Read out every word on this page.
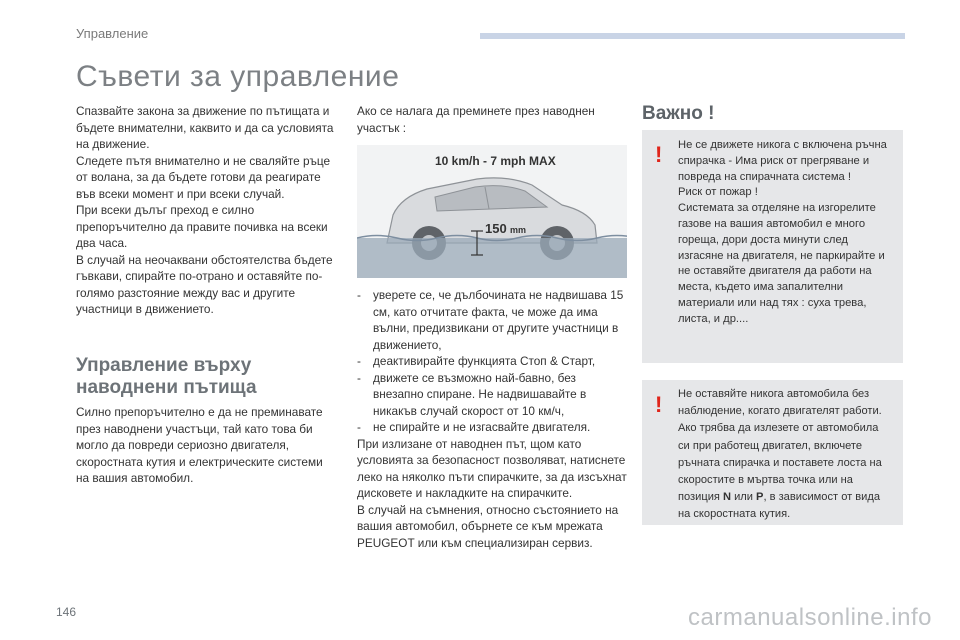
Управление
Съвети за управление

Спазвайте закона за движение по пътищата и бъдете внимателни, каквито и да са условията на движение.

Следете пътя внимателно и не сваляйте ръце от волана, за да бъдете готови да реагирате във всеки момент и при всеки случай.

При всеки дълъг преход е силно препоръчително да правите почивка на всеки два часа.

В случай на неочаквани обстоятелства бъдете гъвкави, спирайте по-отрано и оставяйте по-голямо разстояние между вас и другите участници в движението.

Управление върху
наводнени пътища

Силно препоръчително е да не преминавате през наводнени участъци, тай като това би могло да повреди сериозно двигателя, скоростната кутия и електрическите системи на вашия автомобил.

Ако се налага да преминете през наводнен участък :

150 mm
10 km/h - 7 mph MAX
- уверете се, че дълбочината не надвишава 15 см, като отчитате факта, че може да има вълни, предизвикани от другите участници в движението,
- деактивирайте функцията Стоп & Старт,
- движете се възможно най-бавно, без внезапно спиране. Не надвишавайте в никакъв случай скорост от 10 км/ч,
- не спирайте и не изгасвайте двигателя.

При излизане от наводнен път, щом като условията за безопасност позволяват, натиснете леко на няколко пъти спирачките, за да изсъхнат дисковете и накладките на спирачките.

В случай на съмнения, относно състоянието на вашия автомобил, обърнете се към мрежата PEUGEOT или към специализиран сервиз.

Важно !
! Не се движете никога с включена ръчна спирачка - Има риск от прегряване и повреда на спирачната система !

Риск от пожар !

Системата за отделяне на изгорелите газове на вашия автомобил е много гореща, дори доста минути след изгасяне на двигателя, не паркирайте и не оставяйте двигателя да работи на места, където има запалителни материали или над тях : суха трева, листа, и др....

! Не оставяйте никога автомобила без наблюдение, когато двигателят работи. Ако трябва да излезете от автомобила си при работещ двигател, включете ръчната спирачка и поставете лоста на скоростите в мъртва точка или на позиция N или P, в зависимост от вида на скоростната кутия.
146	carmanualsonline.info
